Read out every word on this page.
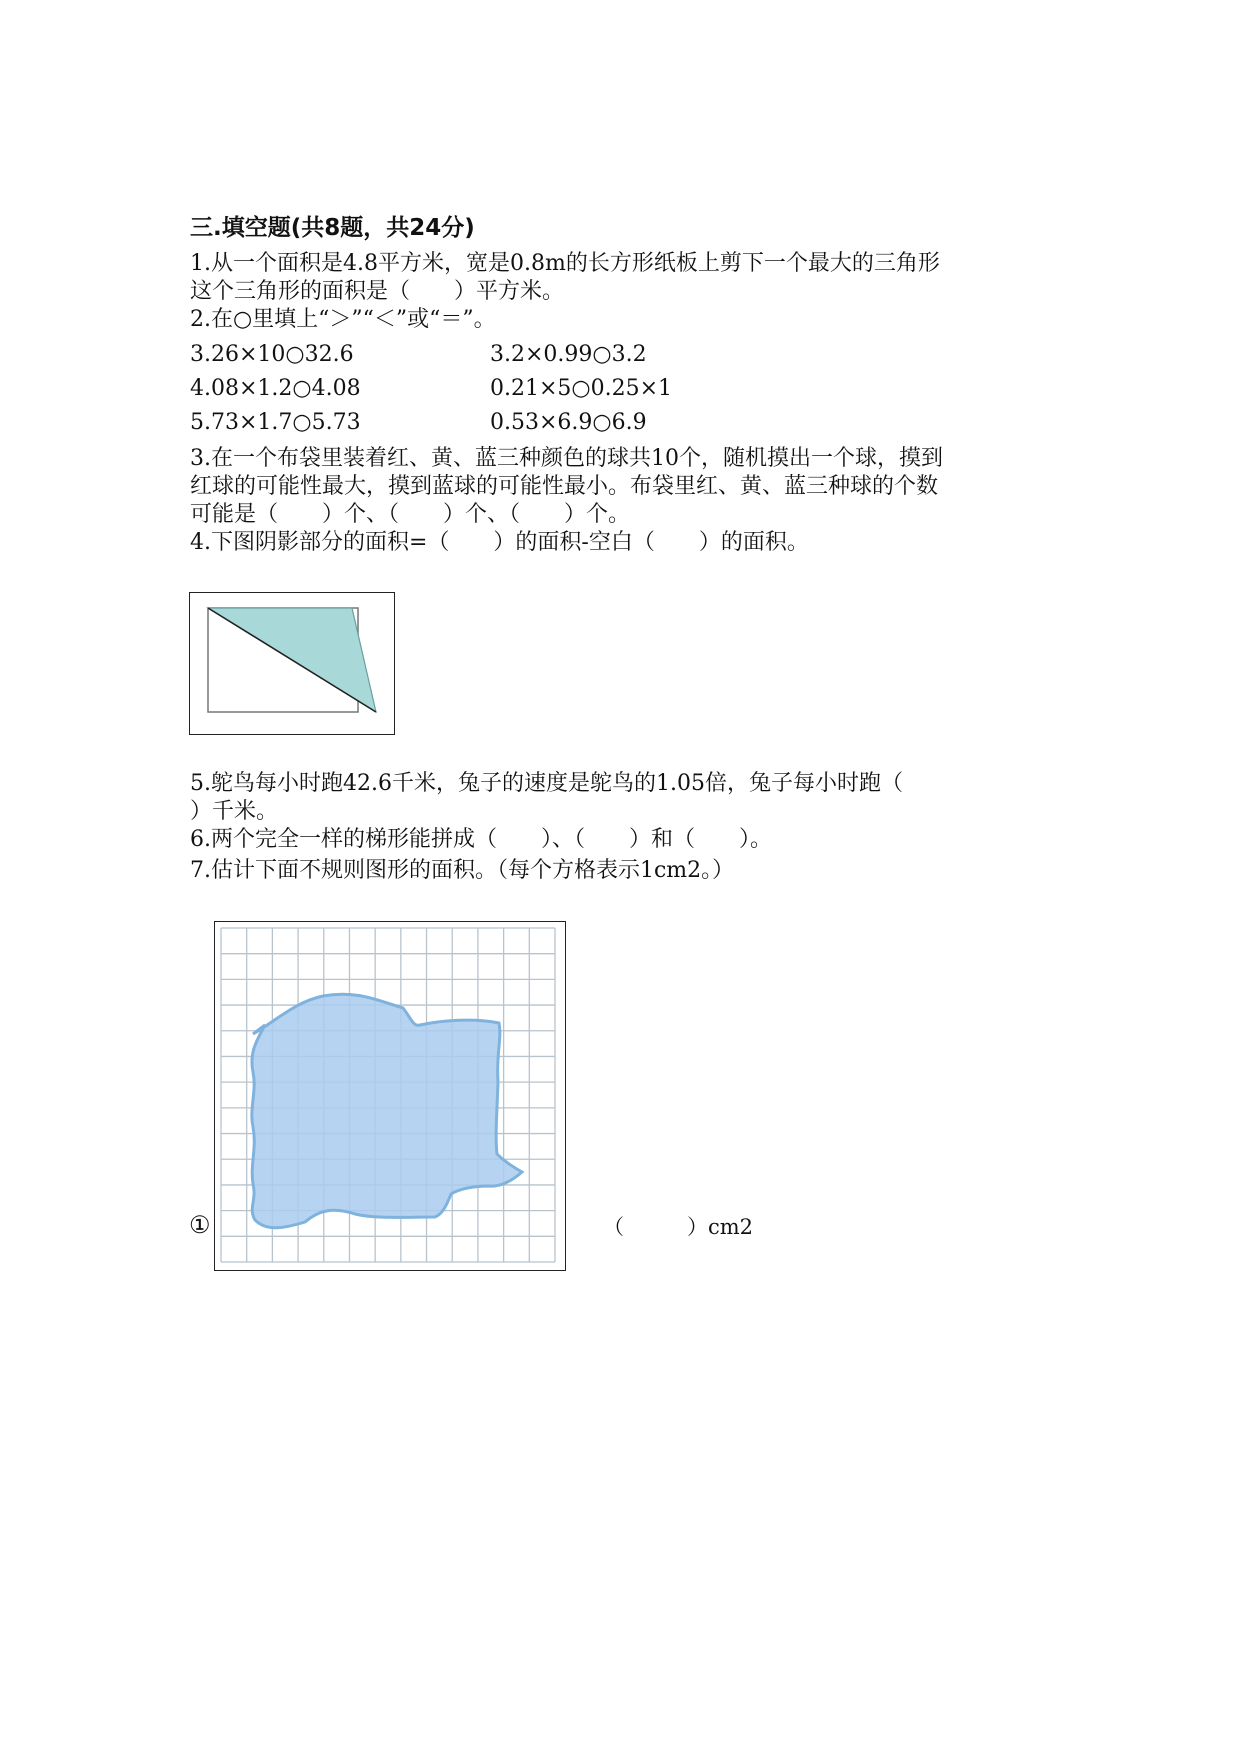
三.填空题(共8题，共24分)
1.从一个面积是4.8平方米，宽是0.8m的长方形纸板上剪下一个最大的三角形
这个三角形的面积是（　　）平方米。
2.在○里填上“＞”“＜”或“＝”。
3.26×10○32.6	3.2×0.99○3.2
4.08×1.2○4.08	0.21×5○0.25×1
5.73×1.7○5.73	0.53×6.9○6.9
3.在一个布袋里装着红、黄、蓝三种颜色的球共10个，随机摸出一个球，摸到
红球的可能性最大，摸到蓝球的可能性最小。布袋里红、黄、蓝三种球的个数
可能是（　　）个、（　　）个、（　　）个。
4.下图阴影部分的面积=（　　）的面积-空白（　　）的面积。
5.鸵鸟每小时跑42.6千米，兔子的速度是鸵鸟的1.05倍，兔子每小时跑（
）千米。
6.两个完全一样的梯形能拼成（　　）、（　　）和（　　）。
7.估计下面不规则图形的面积。（每个方格表示1cm2。）
①	（　　　）cm2
